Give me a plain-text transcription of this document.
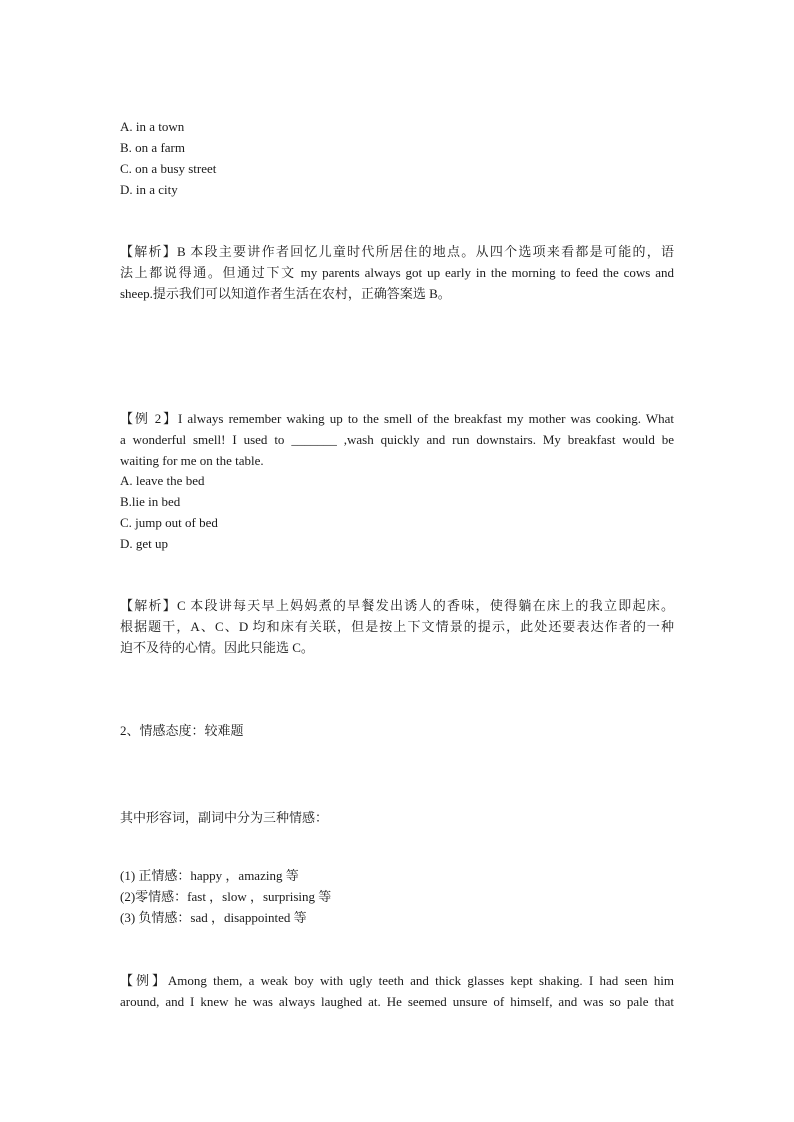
A. in a town
B. on a farm
C. on a busy street
D. in a city
【解析】B 本段主要讲作者回忆儿童时代所居住的地点。从四个选项来看都是可能的，语
法上都说得通。但通过下文 my parents always got up early in the morning to feed the cows and
sheep.提示我们可以知道作者生活在农村，正确答案选 B。
【例 2】I always remember waking up to the smell of the breakfast my mother was cooking. What
a wonderful smell! I used to _______ ,wash quickly and run downstairs. My breakfast would be
waiting for me on the table.
A. leave the bed
B.lie in bed
C. jump out of bed
D. get up
【解析】C 本段讲每天早上妈妈煮的早餐发出诱人的香味，使得躺在床上的我立即起床。
根据题干，A、C、D 均和床有关联，但是按上下文情景的提示，此处还要表达作者的一种
迫不及待的心情。因此只能选 C。
2、情感态度：较难题
其中形容词，副词中分为三种情感：
(1) 正情感：happy ，amazing 等
(2)零情感：fast ，slow ，surprising 等
(3) 负情感：sad ，disappointed 等
【例】Among them, a weak boy with ugly teeth and thick glasses kept shaking. I had seen him
around, and I knew he was always laughed at. He seemed unsure of himself, and was so pale that
